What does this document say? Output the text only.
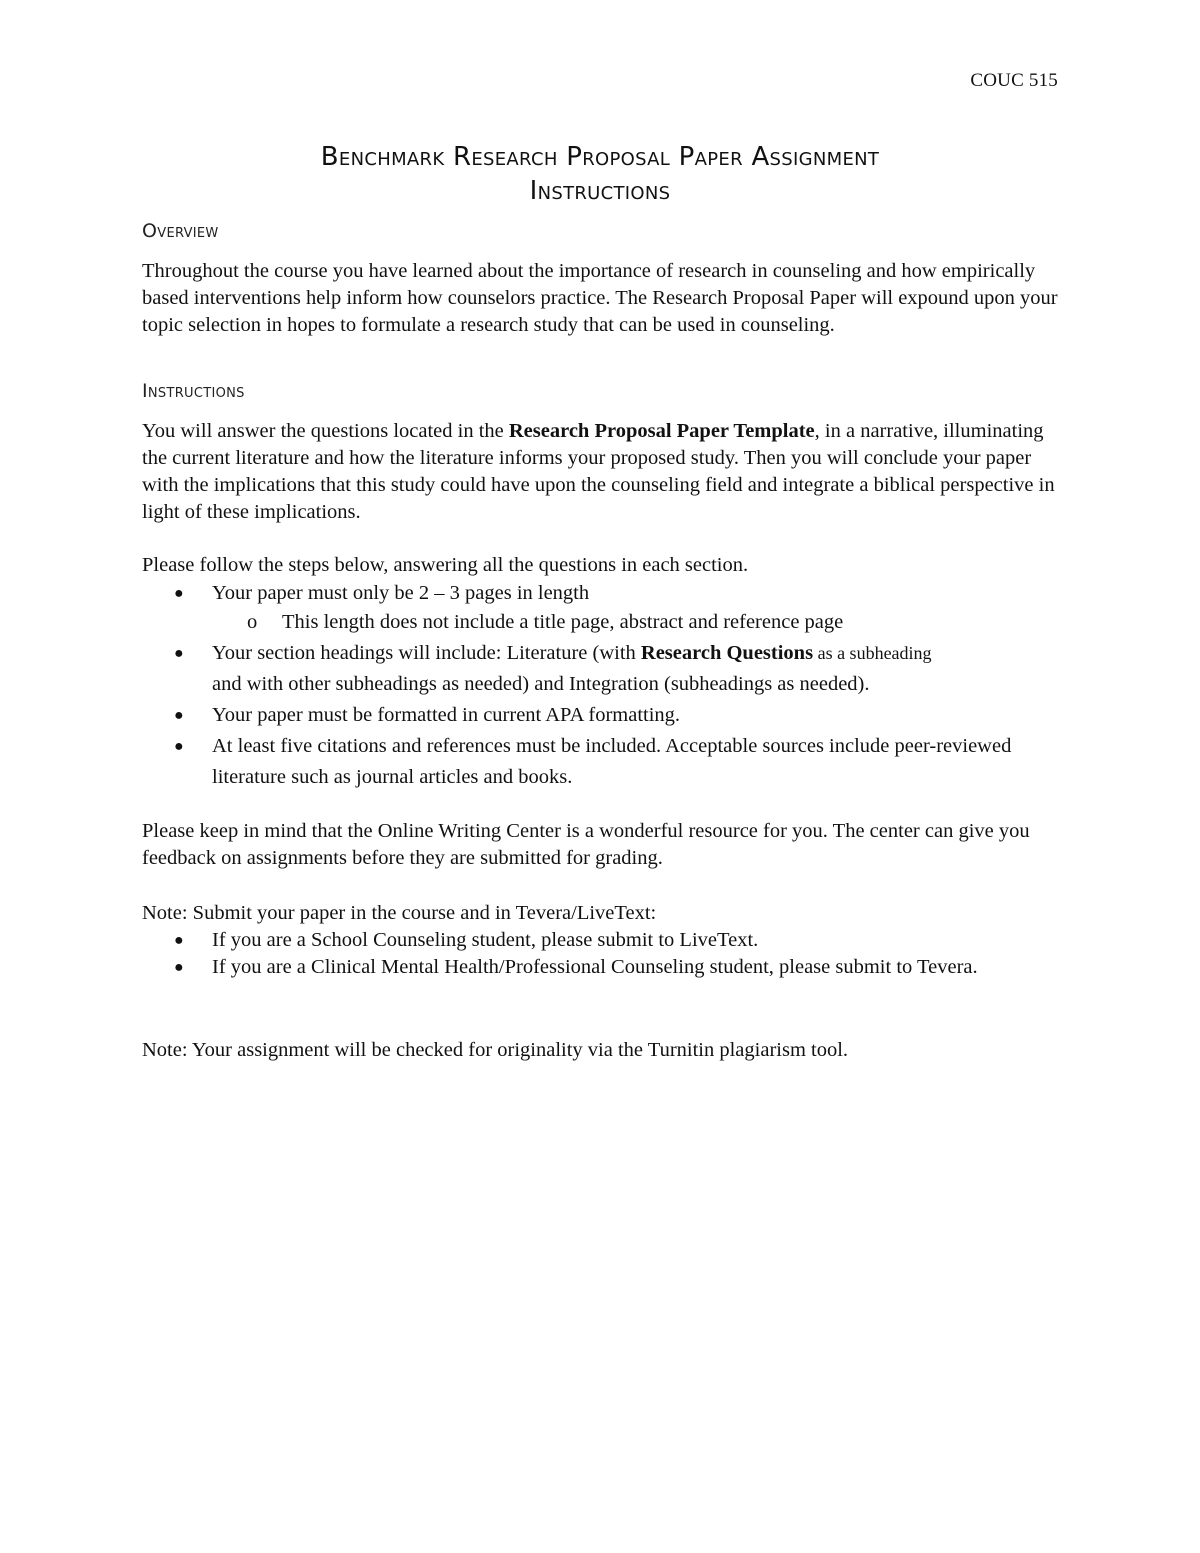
COUC 515
Benchmark Research Proposal Paper Assignment
Instructions
Overview
Throughout the course you have learned about the importance of research in counseling and how empirically based interventions help inform how counselors practice. The Research Proposal Paper will expound upon your topic selection in hopes to formulate a research study that can be used in counseling.
Instructions
You will answer the questions located in the Research Proposal Paper Template, in a narrative, illuminating the current literature and how the literature informs your proposed study. Then you will conclude your paper with the implications that this study could have upon the counseling field and integrate a biblical perspective in light of these implications.
Please follow the steps below, answering all the questions in each section.
● Your paper must only be 2 – 3 pages in length
o This length does not include a title page, abstract and reference page
● Your section headings will include: Literature (with Research Questions as a subheading
and with other subheadings as needed) and Integration (subheadings as needed).
● Your paper must be formatted in current APA formatting.
● At least five citations and references must be included. Acceptable sources include peer-reviewed literature such as journal articles and books.
Please keep in mind that the Online Writing Center is a wonderful resource for you. The center can give you feedback on assignments before they are submitted for grading.
Note: Submit your paper in the course and in Tevera/LiveText:
● If you are a School Counseling student, please submit to LiveText.
● If you are a Clinical Mental Health/Professional Counseling student, please submit to Tevera.
Note: Your assignment will be checked for originality via the Turnitin plagiarism tool.
